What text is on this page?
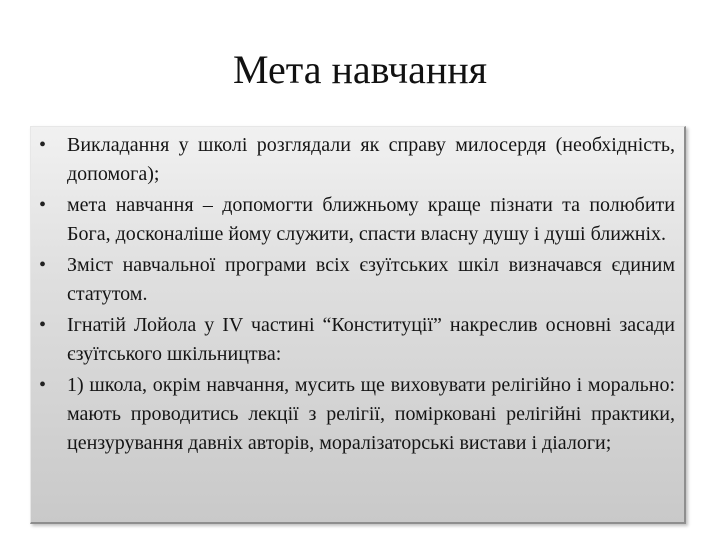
Мета навчання
•	Викладання у школі розглядали як справу милосердя (необхідність, допомога);
•	мета навчання – допомогти ближньому краще пізнати та полюбити Бога, досконаліше йому служити, спасти власну душу і душі ближніх.
•	Зміст навчальної програми всіх єзуїтських шкіл визначався єдиним статутом.
•	Ігнатій Лойола у IV частині “Конституції” накреслив основні засади єзуїтського шкільництва:
•	1) школа, окрім навчання, мусить ще виховувати релігійно і морально: мають проводитись лекції з релігії, помірковані релігійні практики, цензурування давніх авторів, моралізаторські вистави і діалоги;
